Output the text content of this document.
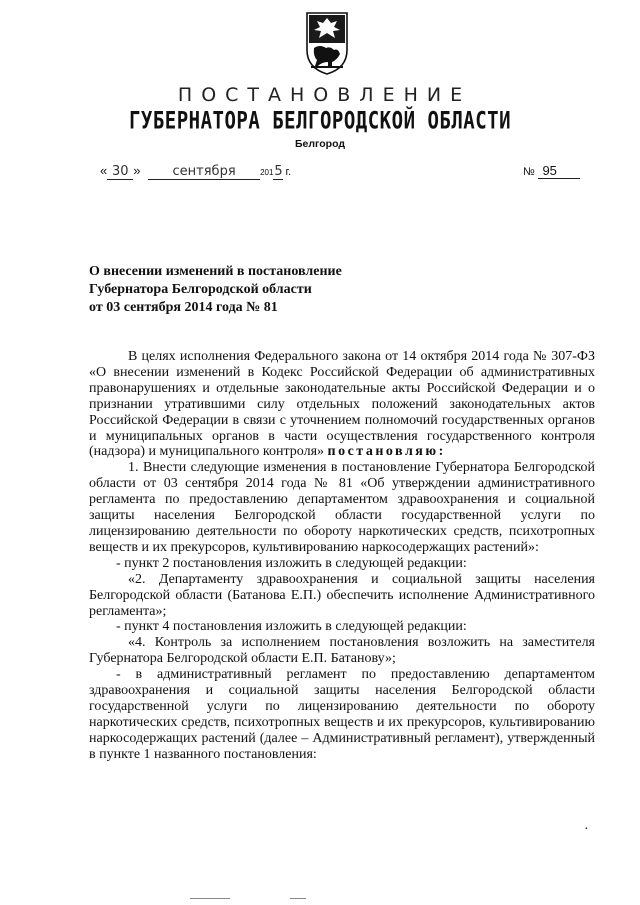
ПОСТАНОВЛЕНИЕ
ГУБЕРНАТОРА БЕЛГОРОДСКОЙ ОБЛАСТИ
Белгород
« 30 » сентября	2015 г.	№ 95
О внесении изменений в постановление
Губернатора Белгородской области
от 03 сентября 2014 года № 81

В целях исполнения Федерального закона от 14 октября 2014 года № 307-ФЗ «О внесении изменений в Кодекс Российской Федерации об административных правонарушениях и отдельные законодательные акты Российской Федерации и о признании утратившими силу отдельных положений законодательных актов Российской Федерации в связи с уточнением полномочий государственных органов и муниципальных органов в части осуществления государственного контроля (надзора) и муниципального контроля» постановляю:

1. Внести следующие изменения в постановление Губернатора Белгородской области от 03 сентября 2014 года № 81 «Об утверждении административного регламента по предоставлению департаментом здравоохранения и социальной защиты населения Белгородской области государственной услуги по лицензированию деятельности по обороту наркотических средств, психотропных веществ и их прекурсоров, культивированию наркосодержащих растений»:

- пункт 2 постановления изложить в следующей редакции:

«2. Департаменту здравоохранения и социальной защиты населения Белгородской области (Батанова Е.П.) обеспечить исполнение Административного регламента»;

- пункт 4 постановления изложить в следующей редакции:

«4. Контроль за исполнением постановления возложить на заместителя Губернатора Белгородской области Е.П. Батанову»;

- в административный регламент по предоставлению департаментом здравоохранения и социальной защиты населения Белгородской области государственной услуги по лицензированию деятельности по обороту наркотических средств, психотропных веществ и их прекурсоров, культивированию наркосодержащих растений (далее – Административный регламент), утвержденный в пункте 1 названного постановления:

·
